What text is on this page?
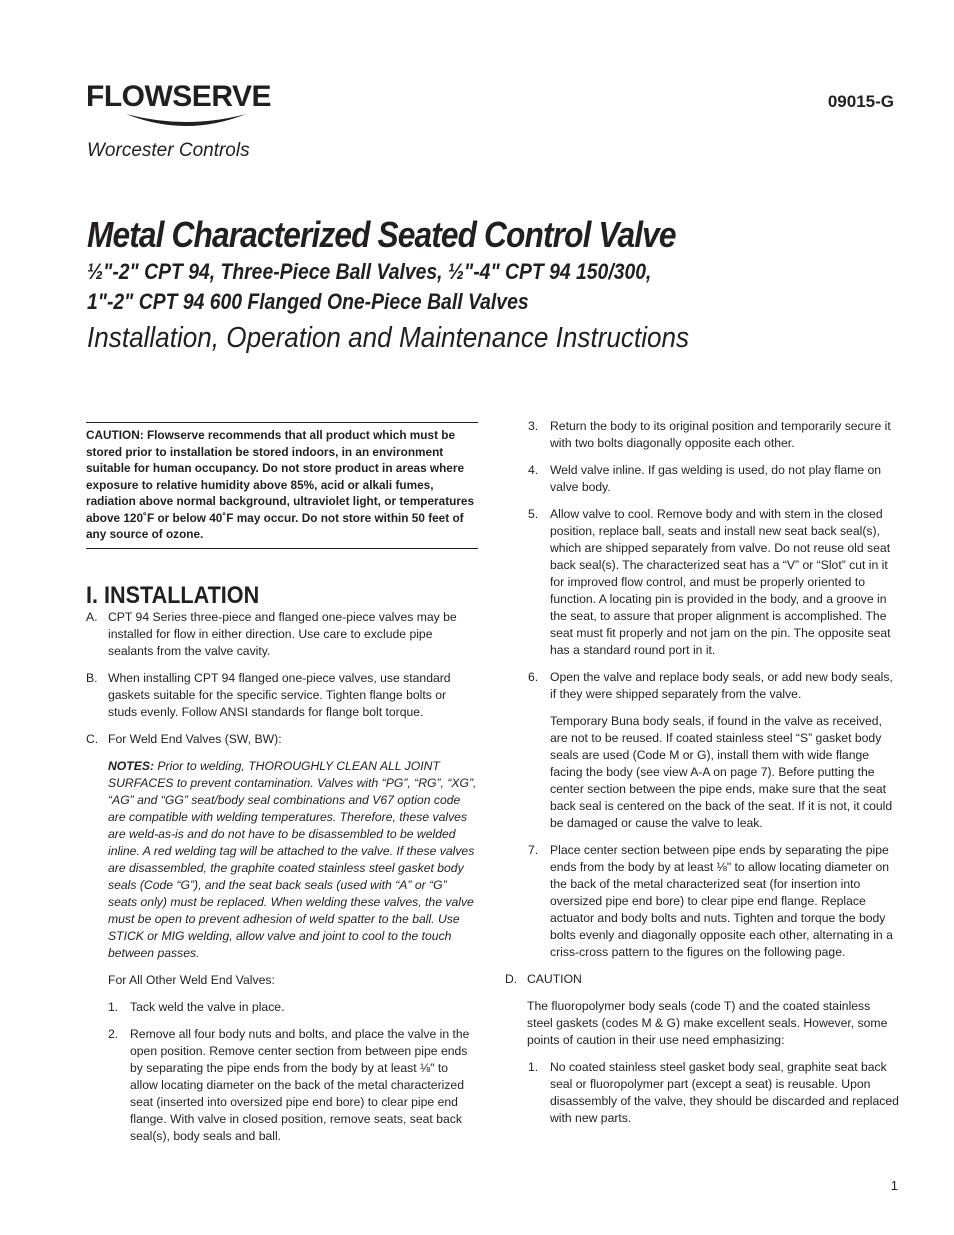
FLOWSERVE
Worcester Controls
09015-G
Metal Characterized Seated Control Valve
½"-2" CPT 94, Three-Piece Ball Valves, ½"-4" CPT 94 150/300,
1"-2" CPT 94 600 Flanged One-Piece Ball Valves
Installation, Operation and Maintenance Instructions
CAUTION: Flowserve recommends that all product which must be stored prior to installation be stored indoors, in an environment suitable for human occupancy. Do not store product in areas where exposure to relative humidity above 85%, acid or alkali fumes, radiation above normal background, ultraviolet light, or temperatures above 120˚F or below 40˚F may occur. Do not store within 50 feet of any source of ozone.
I. INSTALLATION
A. CPT 94 Series three-piece and flanged one-piece valves may be installed for flow in either direction. Use care to exclude pipe sealants from the valve cavity.
B. When installing CPT 94 flanged one-piece valves, use standard gaskets suitable for the specific service. Tighten flange bolts or studs evenly. Follow ANSI standards for flange bolt torque.
C. For Weld End Valves (SW, BW):
NOTES: Prior to welding, THOROUGHLY CLEAN ALL JOINT SURFACES to prevent contamination. Valves with “PG”, “RG”, “XG”, “AG” and “GG” seat/body seal combinations and V67 option code are compatible with welding temperatures. Therefore, these valves are weld-as-is and do not have to be disassembled to be welded inline. A red welding tag will be attached to the valve. If these valves are disassembled, the graphite coated stainless steel gasket body seals (Code “G”), and the seat back seals (used with “A” or “G” seats only) must be replaced. When welding these valves, the valve must be open to prevent adhesion of weld spatter to the ball. Use STICK or MIG welding, allow valve and joint to cool to the touch between passes.
For All Other Weld End Valves:
1. Tack weld the valve in place.
2. Remove all four body nuts and bolts, and place the valve in the open position. Remove center section from between pipe ends by separating the pipe ends from the body by at least ⅛" to allow locating diameter on the back of the metal characterized seat (inserted into oversized pipe end bore) to clear pipe end flange. With valve in closed position, remove seats, seat back seal(s), body seals and ball.
3. Return the body to its original position and temporarily secure it with two bolts diagonally opposite each other.
4. Weld valve inline. If gas welding is used, do not play flame on valve body.
5. Allow valve to cool. Remove body and with stem in the closed position, replace ball, seats and install new seat back seal(s), which are shipped separately from valve. Do not reuse old seat back seal(s). The characterized seat has a “V” or “Slot” cut in it for improved flow control, and must be properly oriented to function. A locating pin is provided in the body, and a groove in the seat, to assure that proper alignment is accomplished. The seat must fit properly and not jam on the pin. The opposite seat has a standard round port in it.
6. Open the valve and replace body seals, or add new body seals, if they were shipped separately from the valve.
Temporary Buna body seals, if found in the valve as received, are not to be reused. If coated stainless steel “S” gasket body seals are used (Code M or G), install them with wide flange facing the body (see view A-A on page 7). Before putting the center section between the pipe ends, make sure that the seat back seal is centered on the back of the seat. If it is not, it could be damaged or cause the valve to leak.
7. Place center section between pipe ends by separating the pipe ends from the body by at least ⅛" to allow locating diameter on the back of the metal characterized seat (for insertion into oversized pipe end bore) to clear pipe end flange. Replace actuator and body bolts and nuts. Tighten and torque the body bolts evenly and diagonally opposite each other, alternating in a criss-cross pattern to the figures on the following page.
D. CAUTION
The fluoropolymer body seals (code T) and the coated stainless steel gaskets (codes M & G) make excellent seals. However, some points of caution in their use need emphasizing:
1. No coated stainless steel gasket body seal, graphite seat back seal or fluoropolymer part (except a seat) is reusable. Upon disassembly of the valve, they should be discarded and replaced with new parts.
1
